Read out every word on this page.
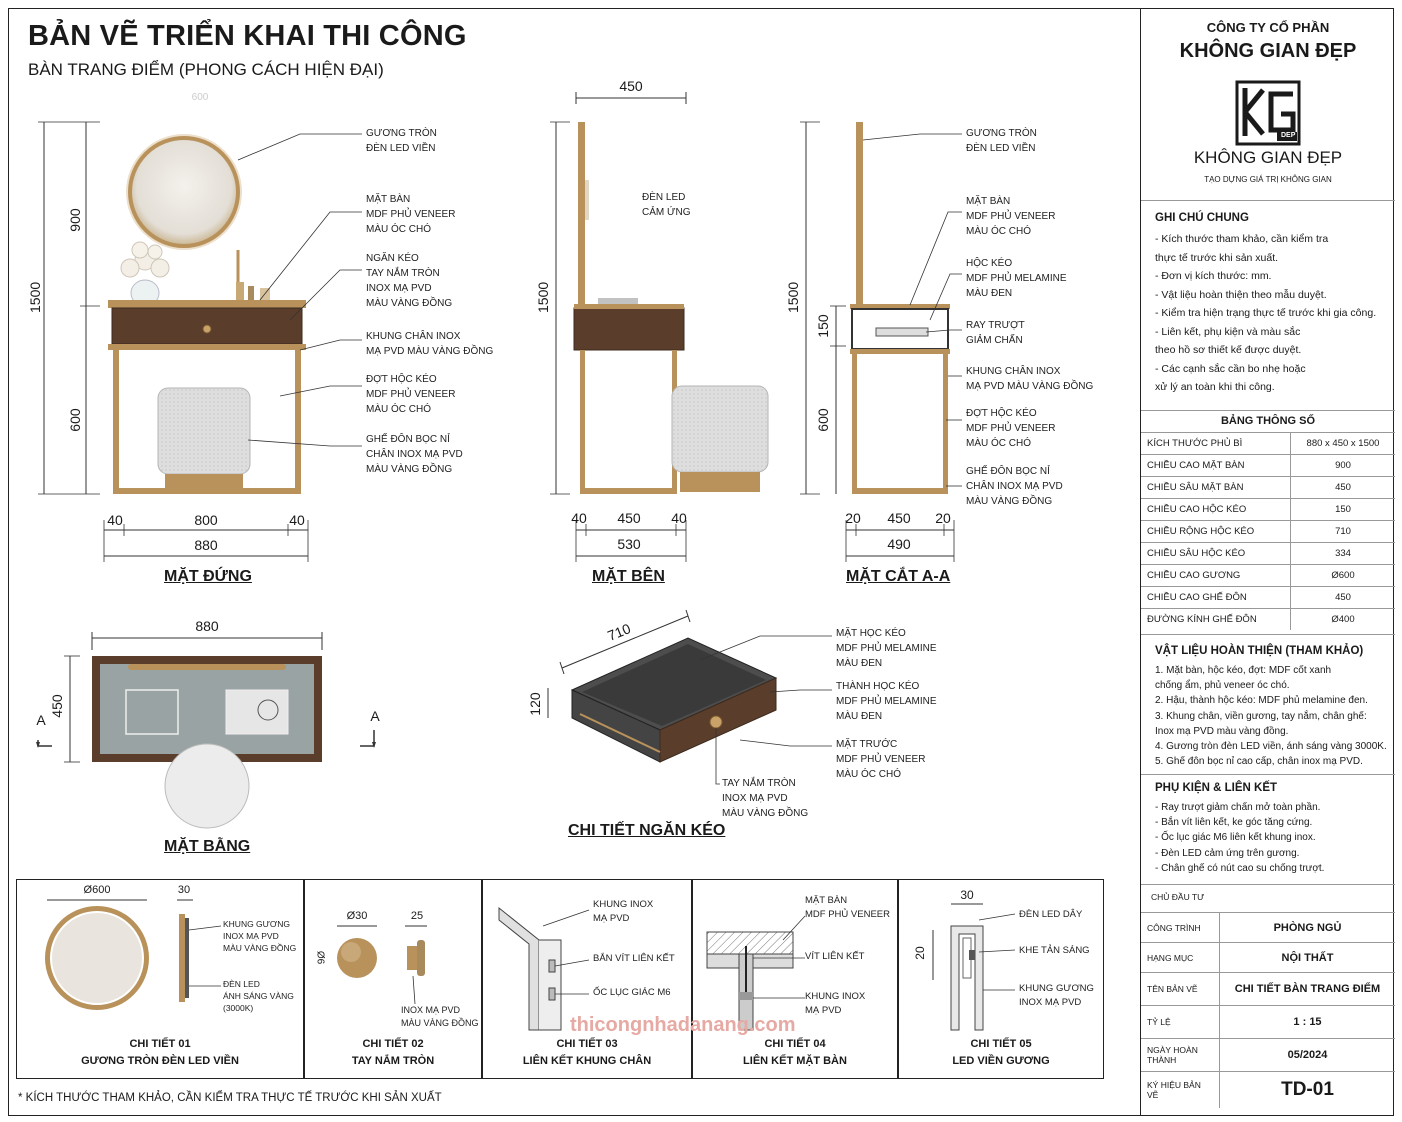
BẢN VẼ TRIỂN KHAI THI CÔNG
BÀN TRANG ĐIỂM (PHONG CÁCH HIỆN ĐẠI)
600
1500
900
600
40	800	40
880
MẶT ĐỨNG
GƯƠNG TRÒN
ĐÈN LED VIỀN
MẶT BÀN
MDF PHỦ VENEER
MÀU ÓC CHÓ
NGĂN KÉO
TAY NẮM TRÒN
INOX MẠ PVD
MÀU VÀNG ĐỒNG
KHUNG CHÂN INOX
MẠ PVD MÀU VÀNG ĐỒNG
ĐỢT HỘC KÉO
MDF PHỦ VENEER
MÀU ÓC CHÓ
GHẾ ĐÔN BỌC NỈ
CHÂN INOX MẠ PVD
MÀU VÀNG ĐỒNG
450
1500
ĐÈN LED
CẢM ỨNG
40	450	40
530
MẶT BÊN
1500
150
600
20	450	20
490
MẶT CẮT A-A
GƯƠNG TRÒN
ĐÈN LED VIỀN
MẶT BÀN
MDF PHỦ VENEER
MÀU ÓC CHÓ
HỘC KÉO
MDF PHỦ MELAMINE
MÀU ĐEN
RAY TRƯỢT
GIẢM CHẤN
KHUNG CHÂN INOX
MẠ PVD MÀU VÀNG ĐỒNG
ĐỢT HỘC KÉO
MDF PHỦ VENEER
MÀU ÓC CHÓ
GHẾ ĐÔN BỌC NỈ
CHÂN INOX MẠ PVD
MÀU VÀNG ĐỒNG
880
450
A	A
MẶT BẰNG
710
120
MẶT HỌC KÉO
MDF PHỦ MELAMINE
MÀU ĐEN
THÀNH HỌC KÉO
MDF PHỦ MELAMINE
MÀU ĐEN
MẶT TRƯỚC
MDF PHỦ VENEER
MÀU ÓC CHÓ
TAY NẮM TRÒN
INOX MẠ PVD
MÀU VÀNG ĐỒNG
CHI TIẾT NGĂN KÉO
Ø600	30
KHUNG GƯƠNG
INOX MẠ PVD
MÀU VÀNG ĐỒNG
ĐÈN LED
ÁNH SÁNG VÀNG
(3000K)
CHI TIẾT 01
GƯƠNG TRÒN ĐÈN LED VIỀN
Ø30	25
Ø6
INOX MẠ PVD
MÀU VÀNG ĐỒNG
CHI TIẾT 02
TAY NẮM TRÒN
KHUNG INOX
MẠ PVD
BẮN VÍT LIÊN KẾT
ỐC LỤC GIÁC M6
CHI TIẾT 03
LIÊN KẾT KHUNG CHÂN
MẶT BÀN
MDF PHỦ VENEER
VÍT LIÊN KẾT
KHUNG INOX
MẠ PVD
CHI TIẾT 04
LIÊN KẾT MẶT BÀN
30
20
ĐÈN LED DÂY
KHE TẢN SÁNG
KHUNG GƯƠNG
INOX MẠ PVD
CHI TIẾT 05
LED VIỀN GƯƠNG
thicongnhadanang.com
* KÍCH THƯỚC THAM KHẢO, CẦN KIỂM TRA THỰC TẾ TRƯỚC KHI SẢN XUẤT
CÔNG TY CỔ PHẦN
KHÔNG GIAN ĐẸP
DEP
KHÔNG GIAN ĐẸP
TẠO DỰNG GIÁ TRỊ KHÔNG GIAN
GHI CHÚ CHUNG
- Kích thước tham khảo, cần kiểm tra
thực tế trước khi sản xuất.
- Đơn vị kích thước: mm.
- Vật liệu hoàn thiện theo mẫu duyệt.
- Kiểm tra hiện trạng thực tế trước khi gia công.
- Liên kết, phụ kiện và màu sắc
theo hồ sơ thiết kế được duyệt.
- Các cạnh sắc cần bo nhẹ hoặc
xử lý an toàn khi thi công.
BẢNG THÔNG SỐ
KÍCH THƯỚC PHỦ BÌ	880 x 450 x 1500
CHIỀU CAO MẶT BÀN	900
CHIỀU SÂU MẶT BÀN	450
CHIỀU CAO HỘC KÉO	150
CHIỀU RỘNG HỘC KÉO	710
CHIỀU SÂU HỘC KÉO	334
CHIỀU CAO GƯƠNG	Ø600
CHIỀU CAO GHẾ ĐÔN	450
ĐƯỜNG KÍNH GHẾ ĐÔN	Ø400
VẬT LIỆU HOÀN THIỆN (THAM KHẢO)
1. Mặt bàn, hộc kéo, đợt: MDF cốt xanh
chống ẩm, phủ veneer óc chó.
2. Hậu, thành hộc kéo: MDF phủ melamine đen.
3. Khung chân, viền gương, tay nắm, chân ghế:
Inox mạ PVD màu vàng đồng.
4. Gương tròn đèn LED viền, ánh sáng vàng 3000K.
5. Ghế đôn bọc nỉ cao cấp, chân inox mạ PVD.
PHỤ KIỆN & LIÊN KẾT
- Ray trượt giảm chấn mở toàn phần.
- Bắn vít liên kết, ke góc tăng cứng.
- Ốc lục giác M6 liên kết khung inox.
- Đèn LED cảm ứng trên gương.
- Chân ghế có nút cao su chống trượt.
CHỦ ĐẦU TƯ
CÔNG TRÌNH	PHÒNG NGỦ
HẠNG MỤC	NỘI THẤT
TÊN BẢN VẼ	CHI TIẾT BÀN TRANG ĐIỂM
TỶ LỆ	1 : 15
NGÀY HOÀN THÀNH	05/2024
KÝ HIỆU BẢN VẼ	TD-01
